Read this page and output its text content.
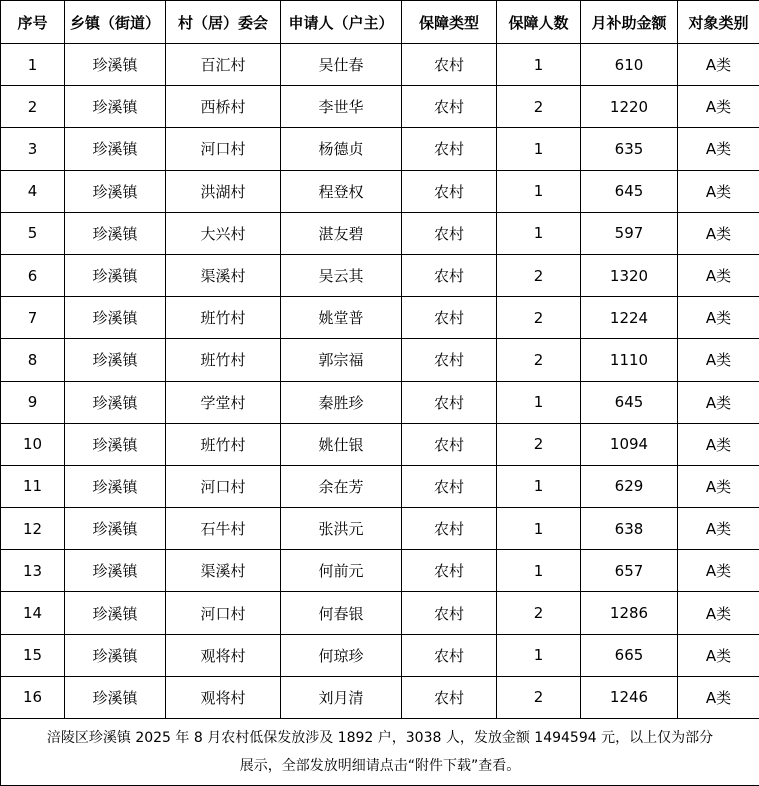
序号	乡镇（街道）	村（居）委会	申请人（户主）	保障类型	保障人数	月补助金额	对象类别
1	珍溪镇	百汇村	吴仕春	农村	1	610	A类
2	珍溪镇	西桥村	李世华	农村	2	1220	A类
3	珍溪镇	河口村	杨德贞	农村	1	635	A类
4	珍溪镇	洪湖村	程登权	农村	1	645	A类
5	珍溪镇	大兴村	湛友碧	农村	1	597	A类
6	珍溪镇	渠溪村	吴云其	农村	2	1320	A类
7	珍溪镇	班竹村	姚堂普	农村	2	1224	A类
8	珍溪镇	班竹村	郭宗福	农村	2	1110	A类
9	珍溪镇	学堂村	秦胜珍	农村	1	645	A类
10	珍溪镇	班竹村	姚仕银	农村	2	1094	A类
11	珍溪镇	河口村	余在芳	农村	1	629	A类
12	珍溪镇	石牛村	张洪元	农村	1	638	A类
13	珍溪镇	渠溪村	何前元	农村	1	657	A类
14	珍溪镇	河口村	何春银	农村	2	1286	A类
15	珍溪镇	观将村	何琼珍	农村	1	665	A类
16	珍溪镇	观将村	刘月清	农村	2	1246	A类
涪陵区珍溪镇 2025 年 8 月农村低保发放涉及 1892 户，3038 人，发放金额 1494594 元，以上仅为部分
展示，全部发放明细请点击“附件下载”查看。							
